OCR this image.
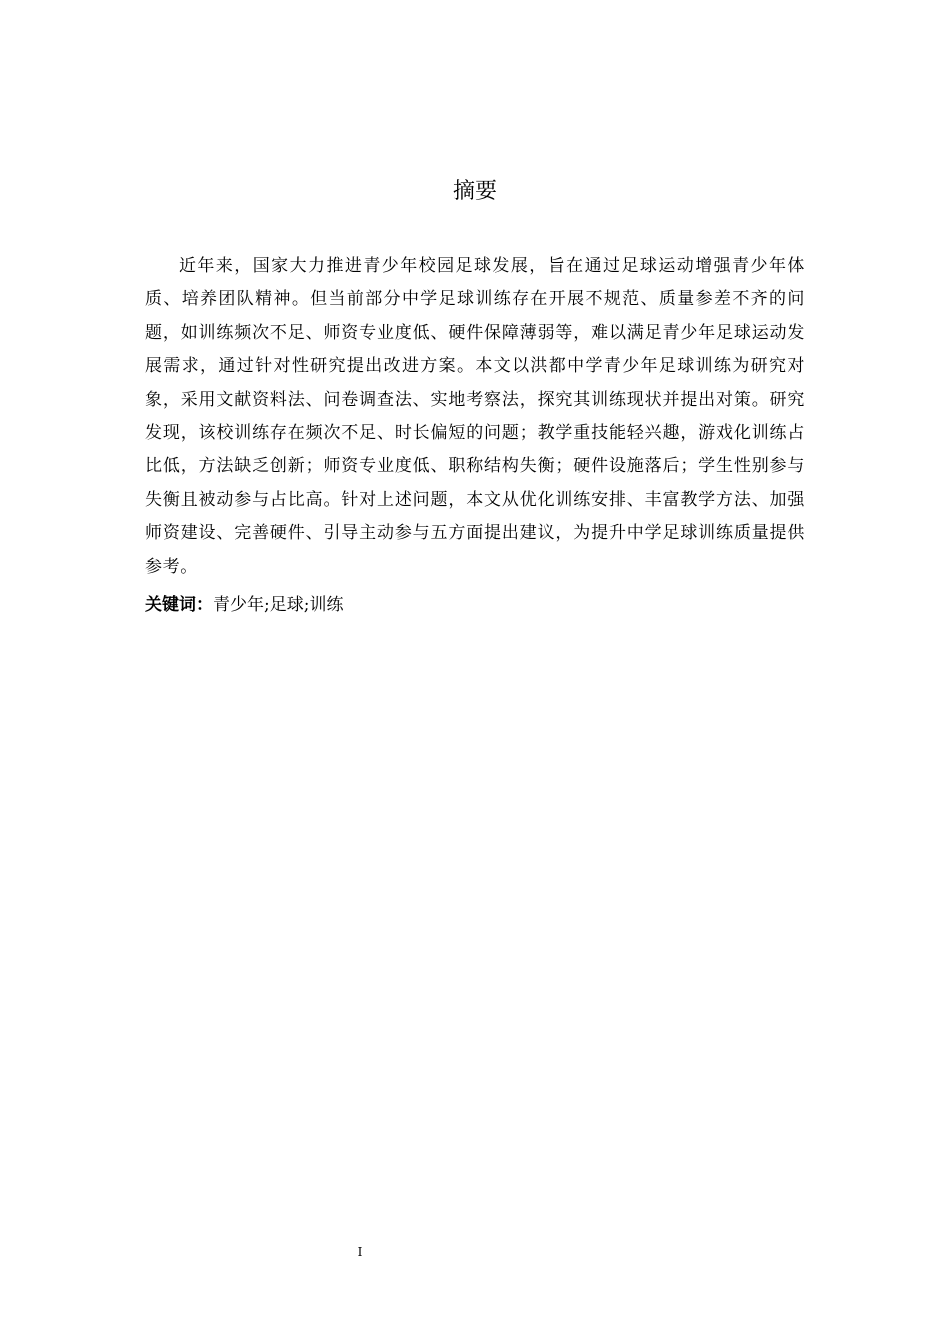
摘要

近年来，国家大力推进青少年校园足球发展，旨在通过足球运动增强青少年体质、培养团队精神。但当前部分中学足球训练存在开展不规范、质量参差不齐的问题，如训练频次不足、师资专业度低、硬件保障薄弱等，难以满足青少年足球运动发展需求，通过针对性研究提出改进方案。本文以洪都中学青少年足球训练为研究对象，采用文献资料法、问卷调查法、实地考察法，探究其训练现状并提出对策。研究发现，该校训练存在频次不足、时长偏短的问题；教学重技能轻兴趣，游戏化训练占比低，方法缺乏创新；师资专业度低、职称结构失衡；硬件设施落后；学生性别参与失衡且被动参与占比高。针对上述问题，本文从优化训练安排、丰富教学方法、加强师资建设、完善硬件、引导主动参与五方面提出建议，为提升中学足球训练质量提供参考。

关键词：青少年;足球;训练

I
